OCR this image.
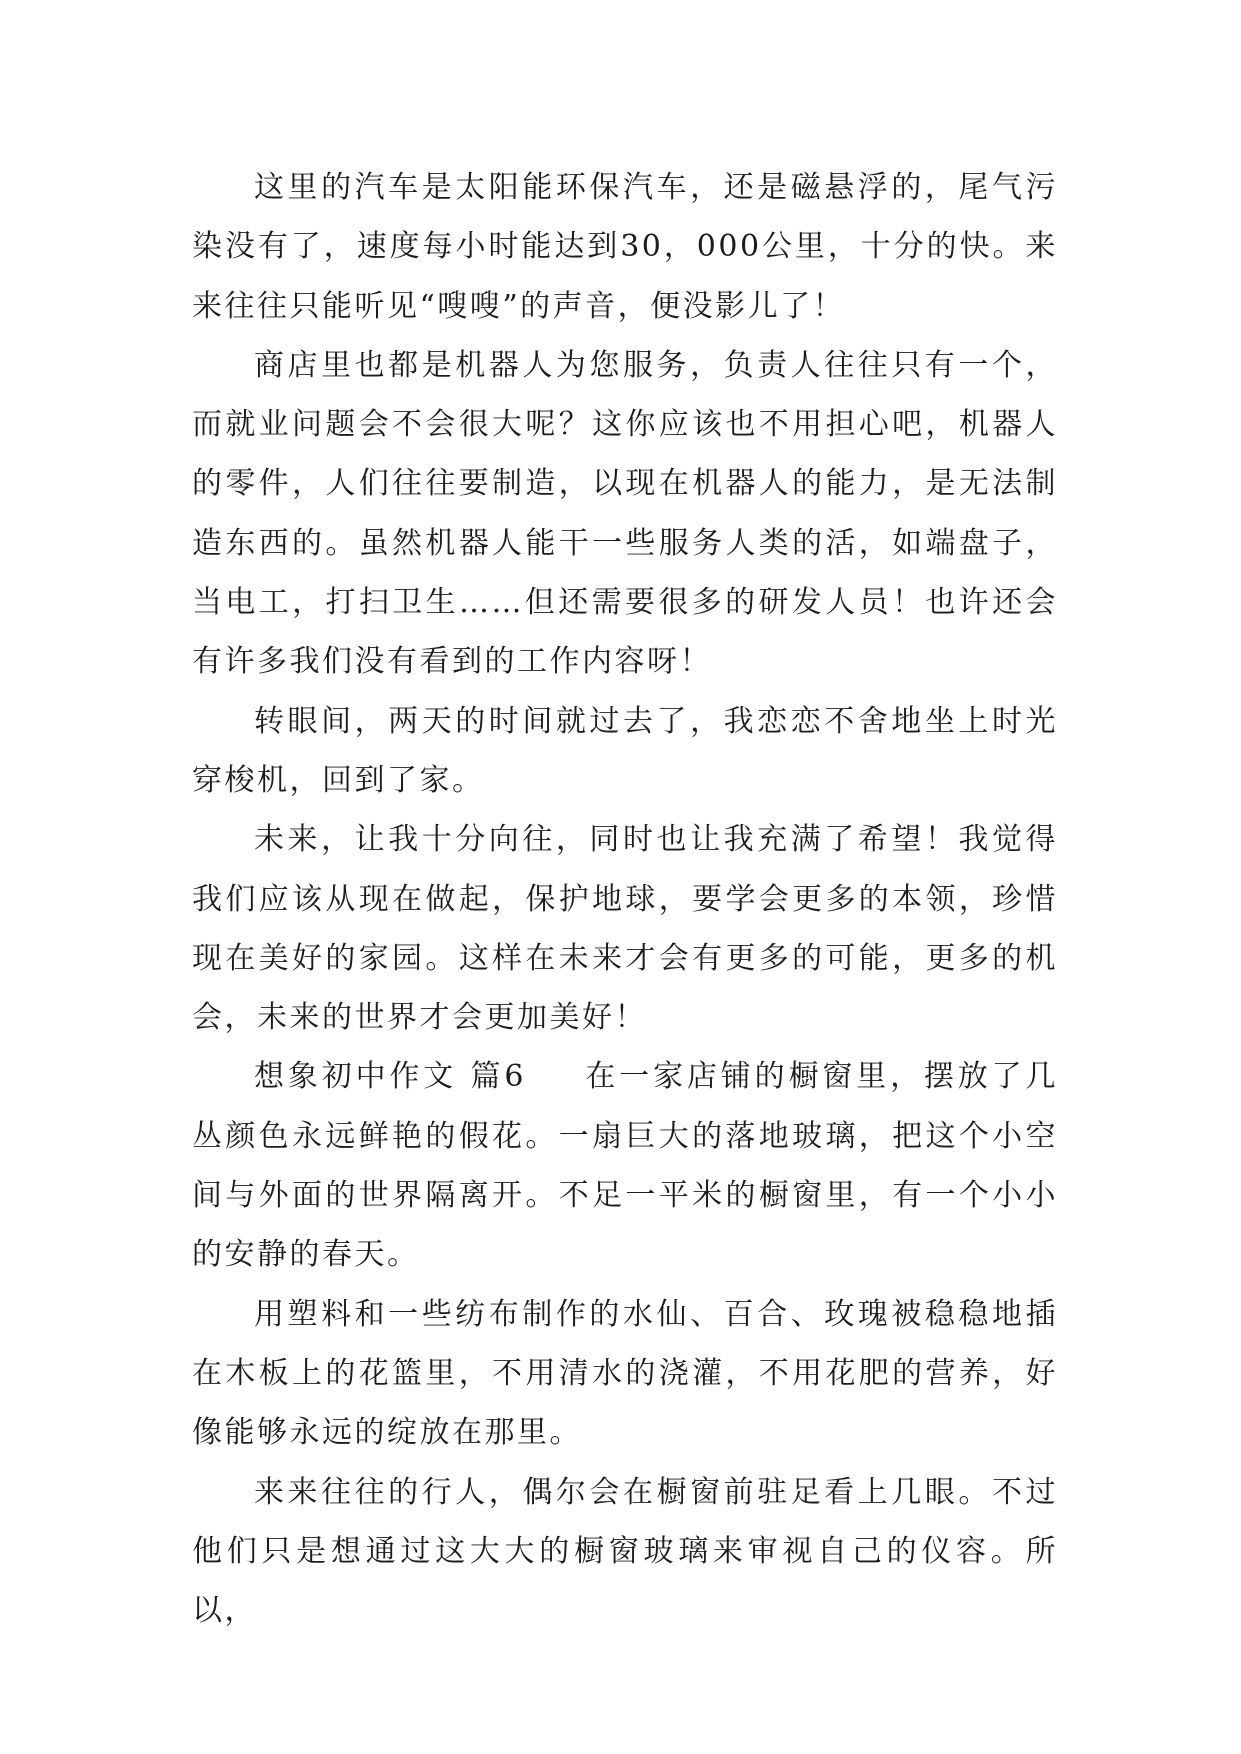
这里的汽车是太阳能环保汽车，还是磁悬浮的，尾气污染没有了，速度每小时能达到30，000公里，十分的快。来来往往只能听见“嗖嗖”的声音，便没影儿了！

商店里也都是机器人为您服务，负责人往往只有一个，而就业问题会不会很大呢？这你应该也不用担心吧，机器人的零件，人们往往要制造，以现在机器人的能力，是无法制造东西的。虽然机器人能干一些服务人类的活，如端盘子，当电工，打扫卫生……但还需要很多的研发人员！也许还会有许多我们没有看到的工作内容呀！

转眼间，两天的时间就过去了，我恋恋不舍地坐上时光穿梭机，回到了家。

未来，让我十分向往，同时也让我充满了希望！我觉得我们应该从现在做起，保护地球，要学会更多的本领，珍惜现在美好的家园。这样在未来才会有更多的可能，更多的机会，未来的世界才会更加美好！

想象初中作文 篇6 在一家店铺的橱窗里，摆放了几丛颜色永远鲜艳的假花。一扇巨大的落地玻璃，把这个小空间与外面的世界隔离开。不足一平米的橱窗里，有一个小小的安静的春天。

用塑料和一些纺布制作的水仙、百合、玫瑰被稳稳地插在木板上的花篮里，不用清水的浇灌，不用花肥的营养，好像能够永远的绽放在那里。

来来往往的行人，偶尔会在橱窗前驻足看上几眼。不过他们只是想通过这大大的橱窗玻璃来审视自己的仪容。所以，
